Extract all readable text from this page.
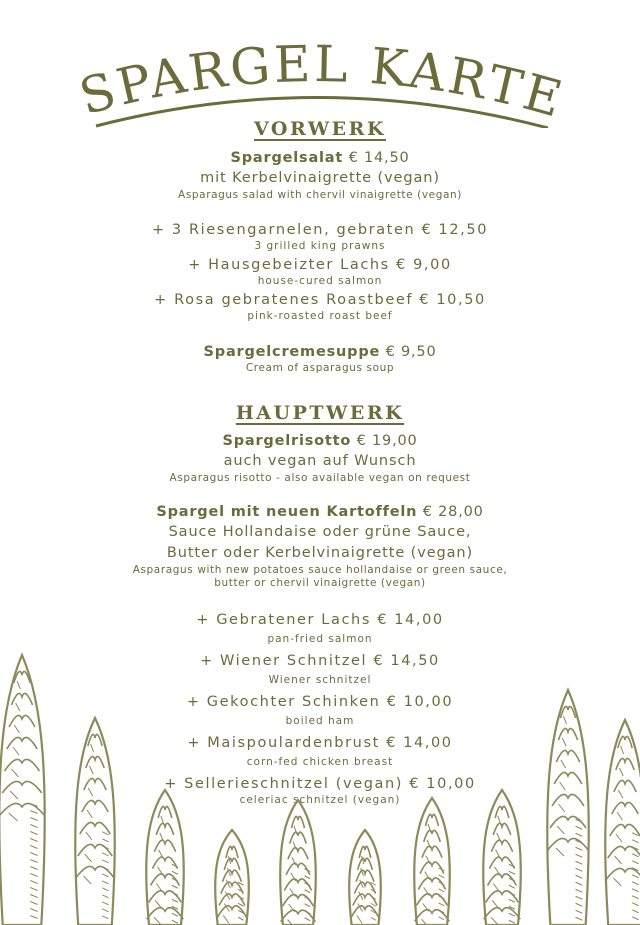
SPARGEL KARTE
VORWERK

Spargelsalat € 14,50

mit Kerbelvinaigrette (vegan)

Asparagus salad with chervil vinaigrette (vegan)

+ 3 Riesengarnelen, gebraten € 12,50

3 grilled king prawns

+ Hausgebeizter Lachs € 9,00

house-cured salmon

+ Rosa gebratenes Roastbeef € 10,50

pink-roasted roast beef

Spargelcremesuppe € 9,50

Cream of asparagus soup

HAUPTWERK

Spargelrisotto € 19,00

auch vegan auf Wunsch

Asparagus risotto - also available vegan on request

Spargel mit neuen Kartoffeln € 28,00

Sauce Hollandaise oder grüne Sauce,

Butter oder Kerbelvinaigrette (vegan)

Asparagus with new potatoes sauce hollandaise or green sauce,

butter or chervil vinaigrette (vegan)

+ Gebratener Lachs € 14,00

pan-fried salmon

+ Wiener Schnitzel € 14,50

Wiener schnitzel

+ Gekochter Schinken € 10,00

boiled ham

+ Maispoulardenbrust € 14,00

corn-fed chicken breast

+ Sellerieschnitzel (vegan) € 10,00

celeriac schnitzel (vegan)
